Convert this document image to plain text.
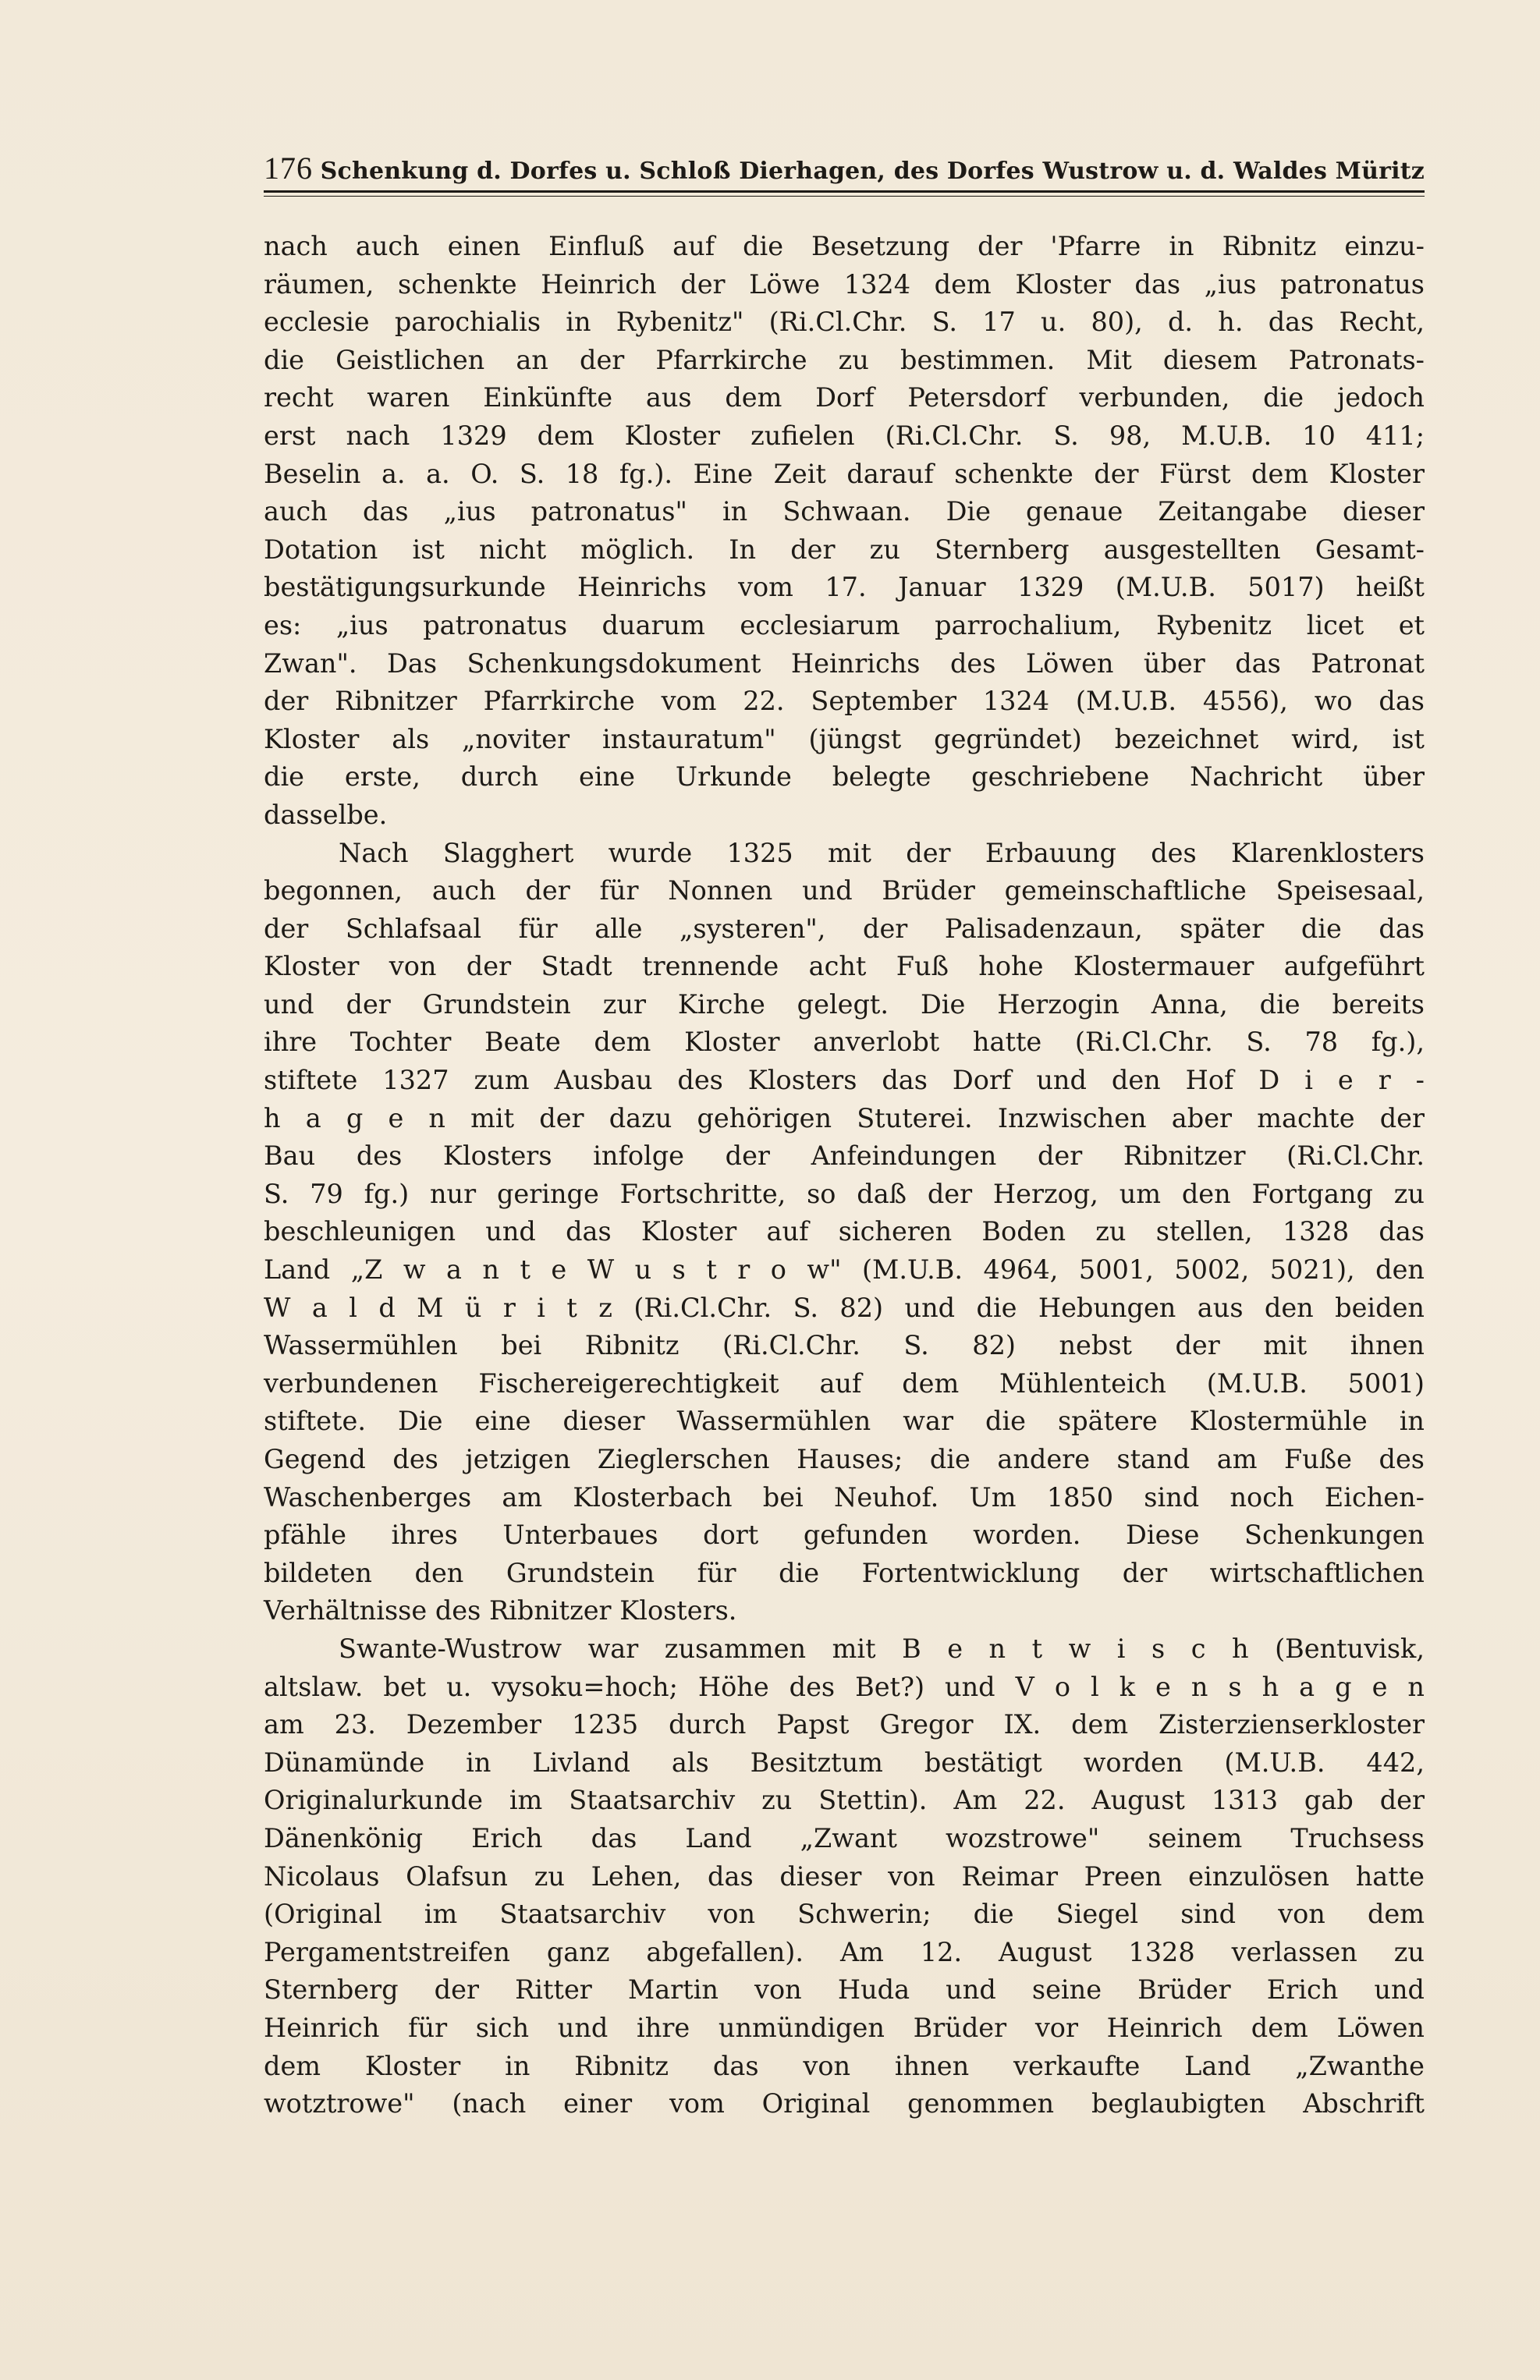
176 Schenkung d. Dorfes u. Schloß Dierhagen, des Dorfes Wustrow u. d. Waldes Müritz
nach auch einen Einfluß auf die Besetzung der 'Pfarre in Ribnitz einzu-
räumen, schenkte Heinrich der Löwe 1324 dem Kloster das „ius patronatus
ecclesie parochialis in Rybenitz" (Ri.Cl.Chr. S. 17 u. 80), d. h. das Recht,
die Geistlichen an der Pfarrkirche zu bestimmen. Mit diesem Patronats-
recht waren Einkünfte aus dem Dorf Petersdorf verbunden, die jedoch
erst nach 1329 dem Kloster zufielen (Ri.Cl.Chr. S. 98, M.U.B. 10 411;
Beselin a. a. O. S. 18 fg.). Eine Zeit darauf schenkte der Fürst dem Kloster
auch das „ius patronatus" in Schwaan. Die genaue Zeitangabe dieser
Dotation ist nicht möglich. In der zu Sternberg ausgestellten Gesamt-
bestätigungsurkunde Heinrichs vom 17. Januar 1329 (M.U.B. 5017) heißt
es: „ius patronatus duarum ecclesiarum parrochalium, Rybenitz licet et
Zwan". Das Schenkungsdokument Heinrichs des Löwen über das Patronat
der Ribnitzer Pfarrkirche vom 22. September 1324 (M.U.B. 4556), wo das
Kloster als „noviter instauratum" (jüngst gegründet) bezeichnet wird, ist
die erste, durch eine Urkunde belegte geschriebene Nachricht über
dasselbe.
Nach Slagghert wurde 1325 mit der Erbauung des Klarenklosters
begonnen, auch der für Nonnen und Brüder gemeinschaftliche Speisesaal,
der Schlafsaal für alle „systeren", der Palisadenzaun, später die das
Kloster von der Stadt trennende acht Fuß hohe Klostermauer aufgeführt
und der Grundstein zur Kirche gelegt. Die Herzogin Anna, die bereits
ihre Tochter Beate dem Kloster anverlobt hatte (Ri.Cl.Chr. S. 78 fg.),
stiftete 1327 zum Ausbau des Klosters das Dorf und den Hof D i e r -
h a g e n mit der dazu gehörigen Stuterei. Inzwischen aber machte der
Bau des Klosters infolge der Anfeindungen der Ribnitzer (Ri.Cl.Chr.
S. 79 fg.) nur geringe Fortschritte, so daß der Herzog, um den Fortgang zu
beschleunigen und das Kloster auf sicheren Boden zu stellen, 1328 das
Land „Z w a n t e W u s t r o w" (M.U.B. 4964, 5001, 5002, 5021), den
W a l d M ü r i t z (Ri.Cl.Chr. S. 82) und die Hebungen aus den beiden
Wassermühlen bei Ribnitz (Ri.Cl.Chr. S. 82) nebst der mit ihnen
verbundenen Fischereigerechtigkeit auf dem Mühlenteich (M.U.B. 5001)
stiftete. Die eine dieser Wassermühlen war die spätere Klostermühle in
Gegend des jetzigen Zieglerschen Hauses; die andere stand am Fuße des
Waschenberges am Klosterbach bei Neuhof. Um 1850 sind noch Eichen-
pfähle ihres Unterbaues dort gefunden worden. Diese Schenkungen
bildeten den Grundstein für die Fortentwicklung der wirtschaftlichen
Verhältnisse des Ribnitzer Klosters.
Swante-Wustrow war zusammen mit B e n t w i s c h (Bentuvisk,
altslaw. bet u. vysoku=hoch; Höhe des Bet?) und V o l k e n s h a g e n
am 23. Dezember 1235 durch Papst Gregor IX. dem Zisterzienserkloster
Dünamünde in Livland als Besitztum bestätigt worden (M.U.B. 442,
Originalurkunde im Staatsarchiv zu Stettin). Am 22. August 1313 gab der
Dänenkönig Erich das Land „Zwant wozstrowe" seinem Truchsess
Nicolaus Olafsun zu Lehen, das dieser von Reimar Preen einzulösen hatte
(Original im Staatsarchiv von Schwerin; die Siegel sind von dem
Pergamentstreifen ganz abgefallen). Am 12. August 1328 verlassen zu
Sternberg der Ritter Martin von Huda und seine Brüder Erich und
Heinrich für sich und ihre unmündigen Brüder vor Heinrich dem Löwen
dem Kloster in Ribnitz das von ihnen verkaufte Land „Zwanthe
wotztrowe" (nach einer vom Original genommen beglaubigten Abschrift
